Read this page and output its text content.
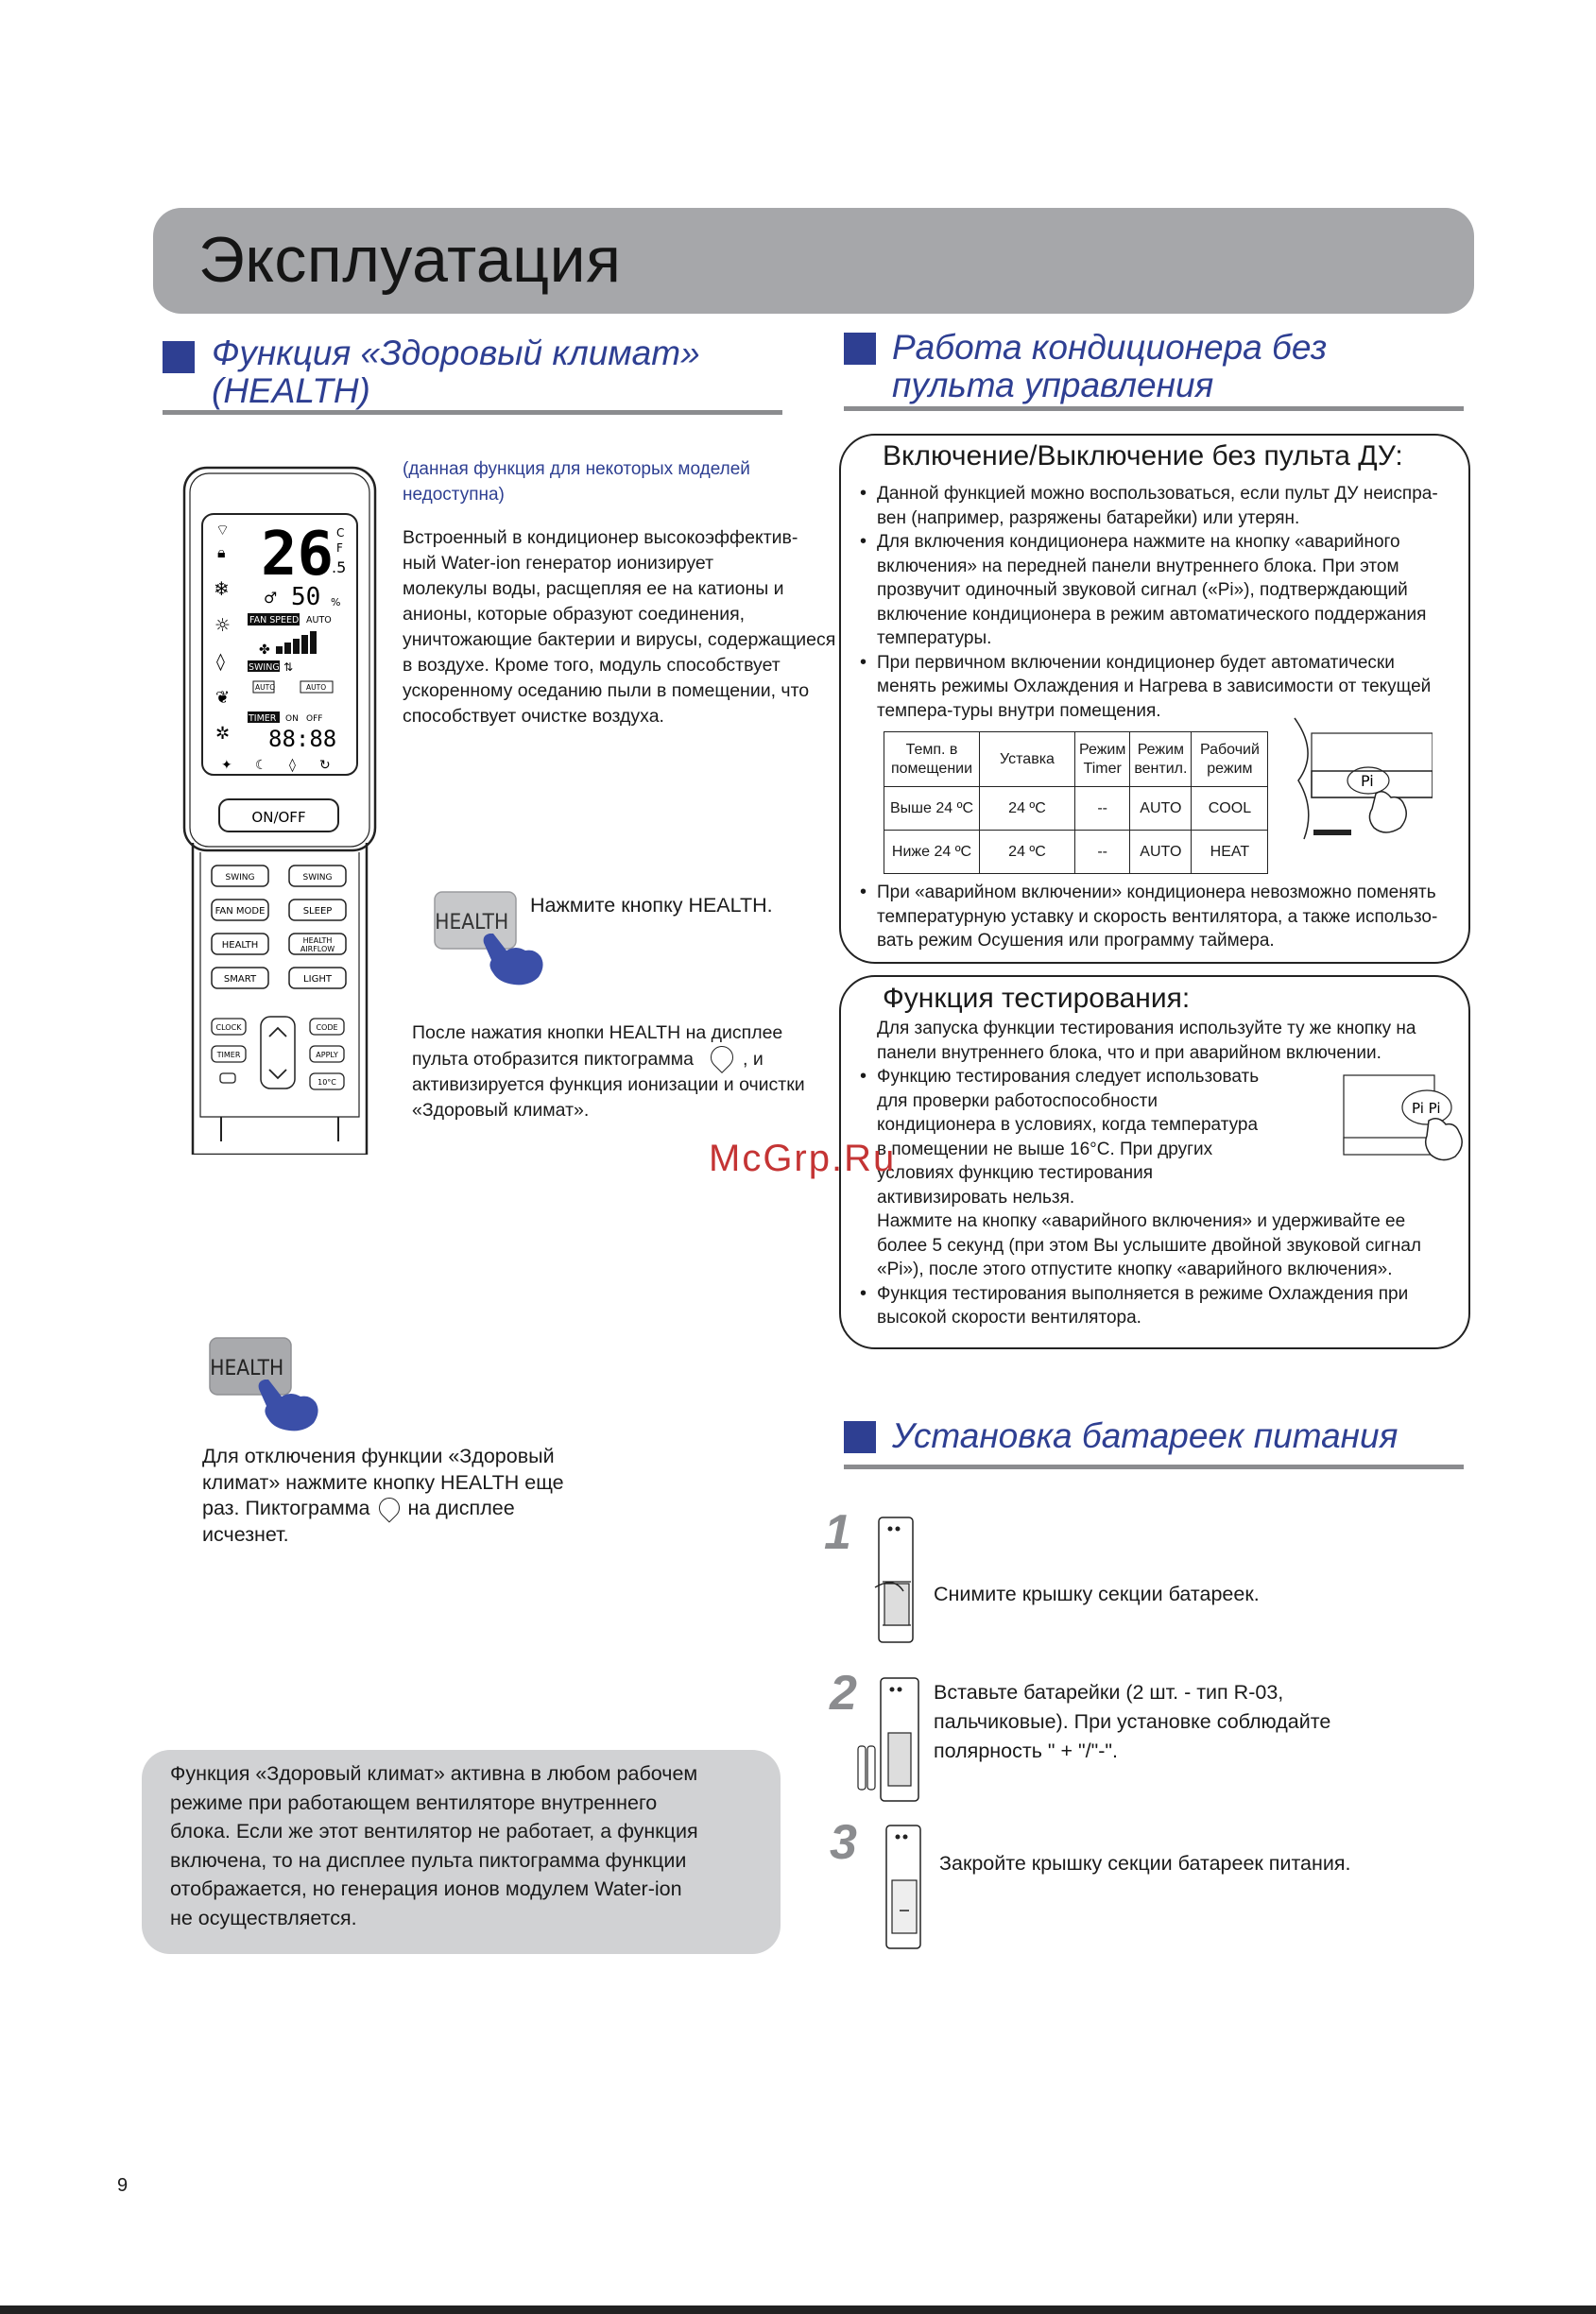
Эксплуатация
Функция «Здоровый климат»
(HEALTH)
⌔
🔒︎
❄
☼
◊
❦
✲
26 C
F
.5
50 %
♂
FAN SPEED AUTO
✤
SWING ⇅
AUTO	AUTO
TIMER ON OFF
88:88
✦ ☾ ◊ ↻
ON/OFF
SWING	SWING
FAN MODE	SLEEP
HEALTH	HEALTH
AIRFLOW
SMART	LIGHT
CLOCK
TIMER
CODE
APPLY
10°C
(данная функция для некоторых моделей
недоступна)
Встроенный в кондиционер высокоэффектив-
ный Water-ion генератор ионизирует
молекулы воды, расщепляя ее на катионы и
анионы, которые образуют соединения,
уничтожающие бактерии и вирусы, содержащиеся
в воздухе. Кроме того, модуль способствует
ускоренному оседанию пыли в помещении, что
способствует очистке воздуха.
HEALTH
Нажмите кнопку HEALTH.
После нажатия кнопки HEALTH на дисплее
пульта отобразится пиктограмма	, и
активизируется функция ионизации и очистки
«Здоровый климат».
HEALTH
Для отключения функции «Здоровый
климат» нажмите кнопку HEALTH еще
раз. Пиктограмма на дисплее
исчезнет.
Функция «Здоровый климат» активна в любом рабочем
режиме при работающем вентиляторе внутреннего
блока. Если же этот вентилятор не работает, а функция
включена, то на дисплее пульта пиктограмма функции
отображается, но генерация ионов модулем Water-ion
не осуществляется.
Работа кондиционера без
пульта управления
Включение/Выключение без пульта ДУ:
• Данной функцией можно воспользоваться, если пульт ДУ неиспра-вен (например, разряжены батарейки) или утерян.
• Для включения кондиционера нажмите на кнопку «аварийного включения» на передней панели внутреннего блока. При этом прозвучит одиночный звуковой сигнал («Pi»), подтверждающий включение кондиционера в режим автоматического поддержания температуры.
• При первичном включении кондиционер будет автоматически менять режимы Охлаждения и Нагрева в зависимости от текущей темпера-туры внутри помещения.
Темп. в помещении	Уставка	Режим Timer	Режим вентил.	Рабочий режим
Выше 24 ºC	24 ºC	--	AUTO	COOL
Ниже 24 ºC	24 ºC	--	AUTO	HEAT
Pi
• При «аварийном включении» кондиционера невозможно поменять температурную уставку и скорость вентилятора, а также использо-вать режим Осушения или программу таймера.
Функция тестирования:
Для запуска функции тестирования используйте ту же кнопку на панели внутреннего блока, что и при аварийном включении.
• Функцию тестирования следует использовать для проверки работоспособности кондиционера в условиях, когда температура в помещении не выше 16°C. При других условиях функцию тестирования активизировать нельзя.
Нажмите на кнопку «аварийного включения» и удерживайте ее более 5 секунд (при этом Вы услышите двойной звуковой сигнал «Pi»), после этого отпустите кнопку «аварийного включения».
• Функция тестирования выполняется в режиме Охлаждения при высокой скорости вентилятора.
Pi Pi
McGrp.Ru
Установка батареек питания
1
Снимите крышку секции батареек.
2	Вставьте батарейки (2 шт. - тип R-03, пальчиковые). При установке соблюдайте полярность " + "/"-".
3	Закройте крышку секции батареек питания.
9
